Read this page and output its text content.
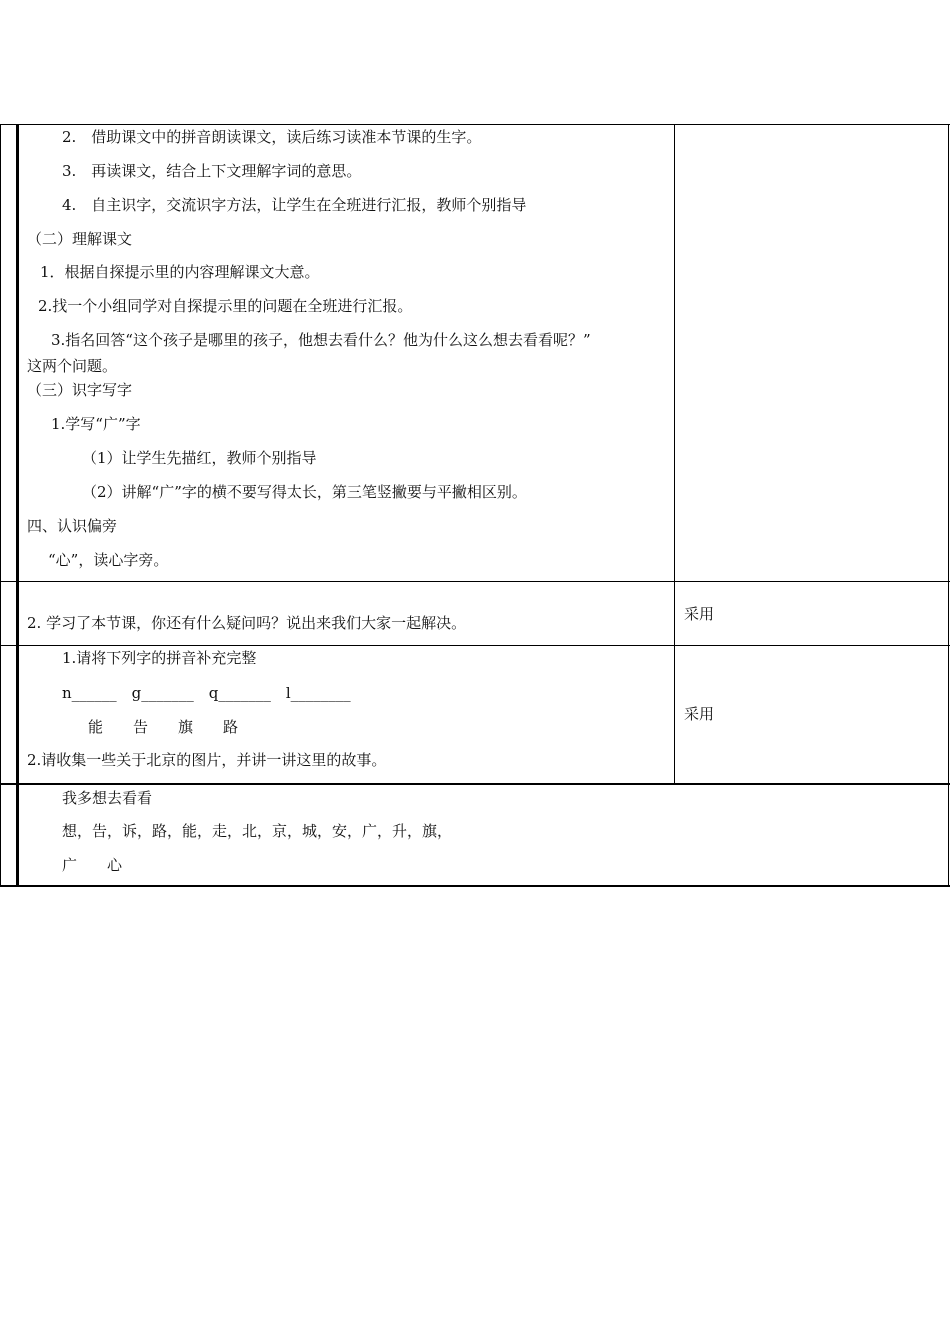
2.　借助课文中的拼音朗读课文，读后练习读准本节课的生字。
3.　再读课文，结合上下文理解字词的意思。
4.　自主识字，交流识字方法，让学生在全班进行汇报，教师个别指导
（二）理解课文
1．根据自探提示里的内容理解课文大意。
2.找一个小组同学对自探提示里的问题在全班进行汇报。
3.指名回答“这个孩子是哪里的孩子，他想去看什么？他为什么这么想去看看呢？”
这两个问题。
（三）识字写字
1.学写“广”字
（1）让学生先描红，教师个别指导
（2）讲解“广”字的横不要写得太长，第三笔竖撇要与平撇相区别。
四、认识偏旁
“心”，读心字旁。
2. 学习了本节课，你还有什么疑问吗？说出来我们大家一起解决。	采用
1.请将下列字的拼音补充完整
n______　g_______　q_______　l________
能　　告　　旗　　路
2.请收集一些关于北京的图片，并讲一讲这里的故事。
采用
我多想去看看
想，告，诉，路，能，走，北，京，城，安，广，升，旗，
广　　心
